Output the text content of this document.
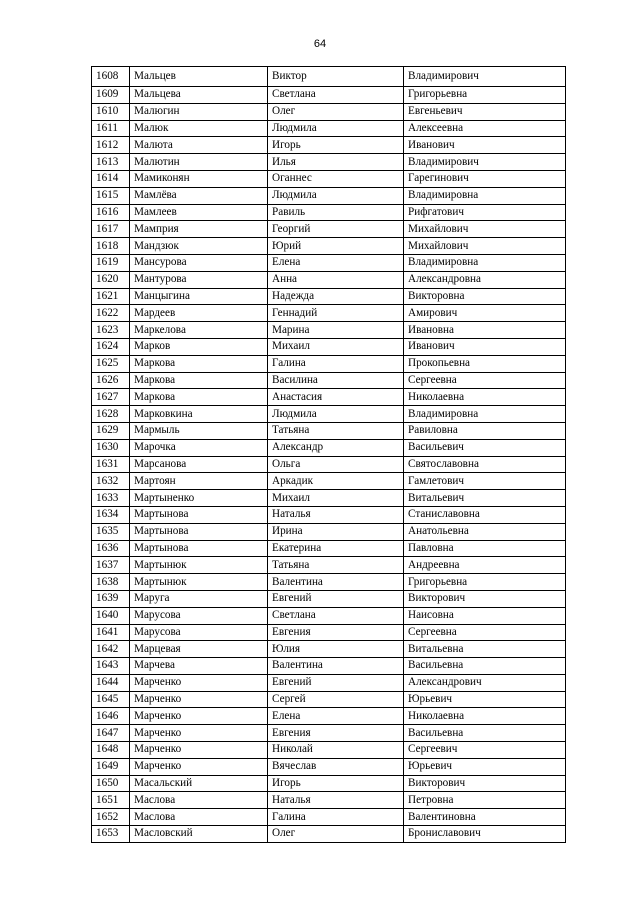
64
1608	Мальцев	Виктор	Владимирович
1609	Мальцева	Светлана	Григорьевна
1610	Малюгин	Олег	Евгеньевич
1611	Малюк	Людмила	Алексеевна
1612	Малюта	Игорь	Иванович
1613	Малютин	Илья	Владимирович
1614	Мамиконян	Оганнес	Гарегинович
1615	Мамлёва	Людмила	Владимировна
1616	Мамлеев	Равиль	Рифгатович
1617	Мамприя	Георгий	Михайлович
1618	Мандзюк	Юрий	Михайлович
1619	Мансурова	Елена	Владимировна
1620	Мантурова	Анна	Александровна
1621	Манцыгина	Надежда	Викторовна
1622	Мардеев	Геннадий	Амирович
1623	Маркелова	Марина	Ивановна
1624	Марков	Михаил	Иванович
1625	Маркова	Галина	Прокопьевна
1626	Маркова	Василина	Сергеевна
1627	Маркова	Анастасия	Николаевна
1628	Марковкина	Людмила	Владимировна
1629	Мармыль	Татьяна	Равиловна
1630	Марочка	Александр	Васильевич
1631	Марсанова	Ольга	Святославовна
1632	Мартоян	Аркадик	Гамлетович
1633	Мартыненко	Михаил	Витальевич
1634	Мартынова	Наталья	Станиславовна
1635	Мартынова	Ирина	Анатольевна
1636	Мартынова	Екатерина	Павловна
1637	Мартынюк	Татьяна	Андреевна
1638	Мартынюк	Валентина	Григорьевна
1639	Маруга	Евгений	Викторович
1640	Марусова	Светлана	Наисовна
1641	Марусова	Евгения	Сергеевна
1642	Марцевая	Юлия	Витальевна
1643	Марчева	Валентина	Васильевна
1644	Марченко	Евгений	Александрович
1645	Марченко	Сергей	Юрьевич
1646	Марченко	Елена	Николаевна
1647	Марченко	Евгения	Васильевна
1648	Марченко	Николай	Сергеевич
1649	Марченко	Вячеслав	Юрьевич
1650	Масальский	Игорь	Викторович
1651	Маслова	Наталья	Петровна
1652	Маслова	Галина	Валентиновна
1653	Масловский	Олег	Брониславович
